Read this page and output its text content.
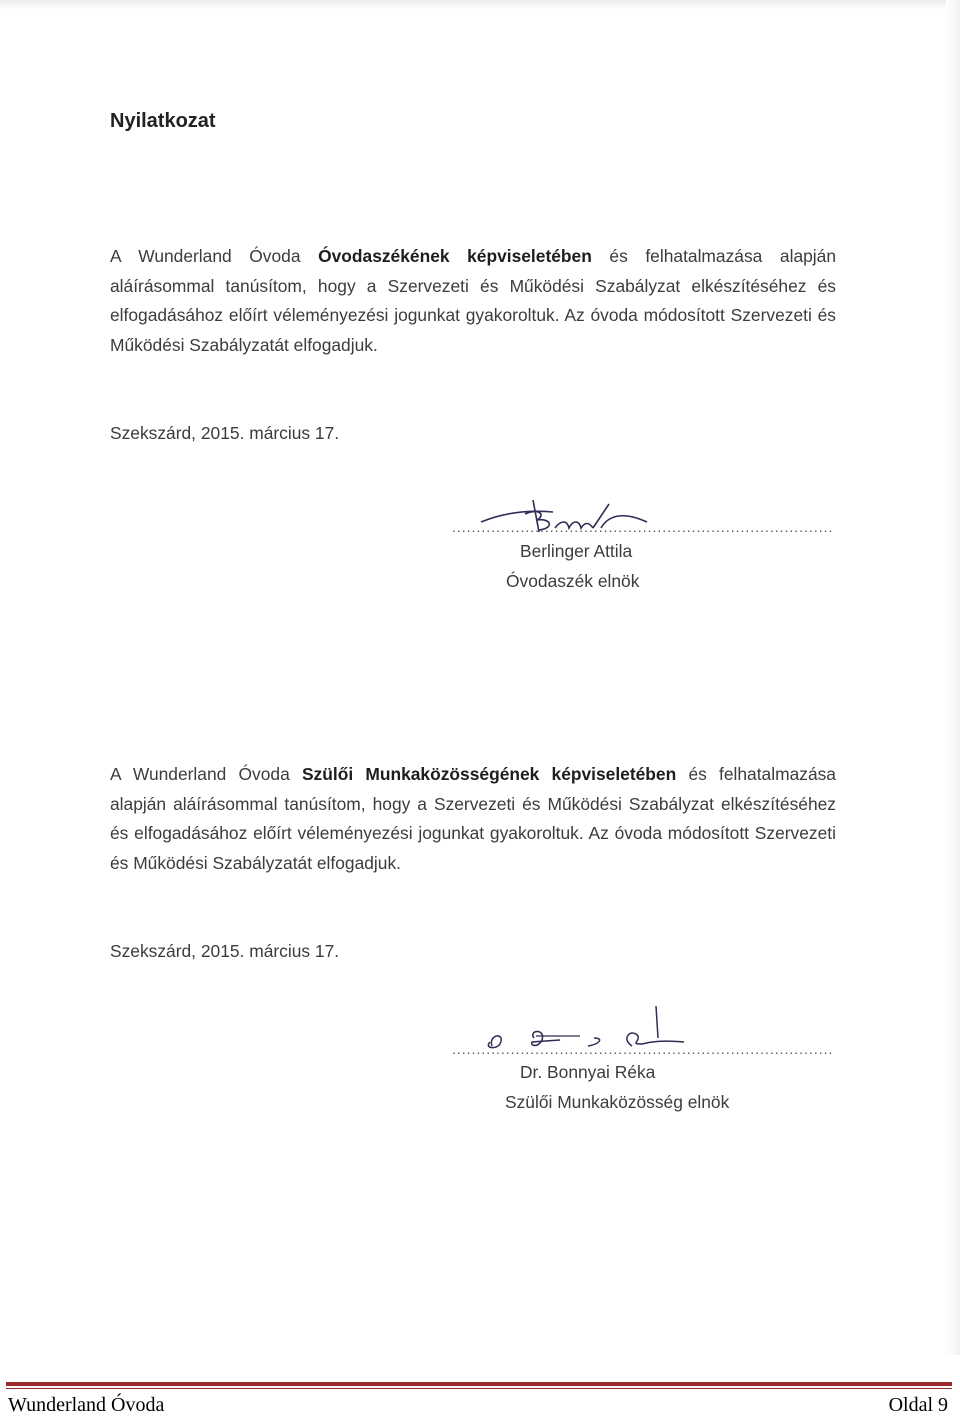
Nyilatkozat
A Wunderland Óvoda Óvodaszékének képviseletében és felhatalmazása alapján aláírásommal tanúsítom, hogy a Szervezeti és Működési Szabályzat elkészítéséhez és elfogadásához előírt véleményezési jogunkat gyakoroltuk. Az óvoda módosított Szervezeti és Működési Szabályzatát elfogadjuk.
Szekszárd, 2015. március 17.
..............................................................................
Berlinger Attila
Óvodaszék elnök
A Wunderland Óvoda Szülői Munkaközösségének képviseletében és felhatalmazása alapján aláírásommal tanúsítom, hogy a Szervezeti és Működési Szabályzat elkészítéséhez és elfogadásához előírt véleményezési jogunkat gyakoroltuk. Az óvoda módosított Szervezeti és Működési Szabályzatát elfogadjuk.
Szekszárd, 2015. március 17.
..............................................................................
Dr. Bonnyai Réka
Szülői Munkaközösség elnök
Wunderland Óvoda	Oldal 9
